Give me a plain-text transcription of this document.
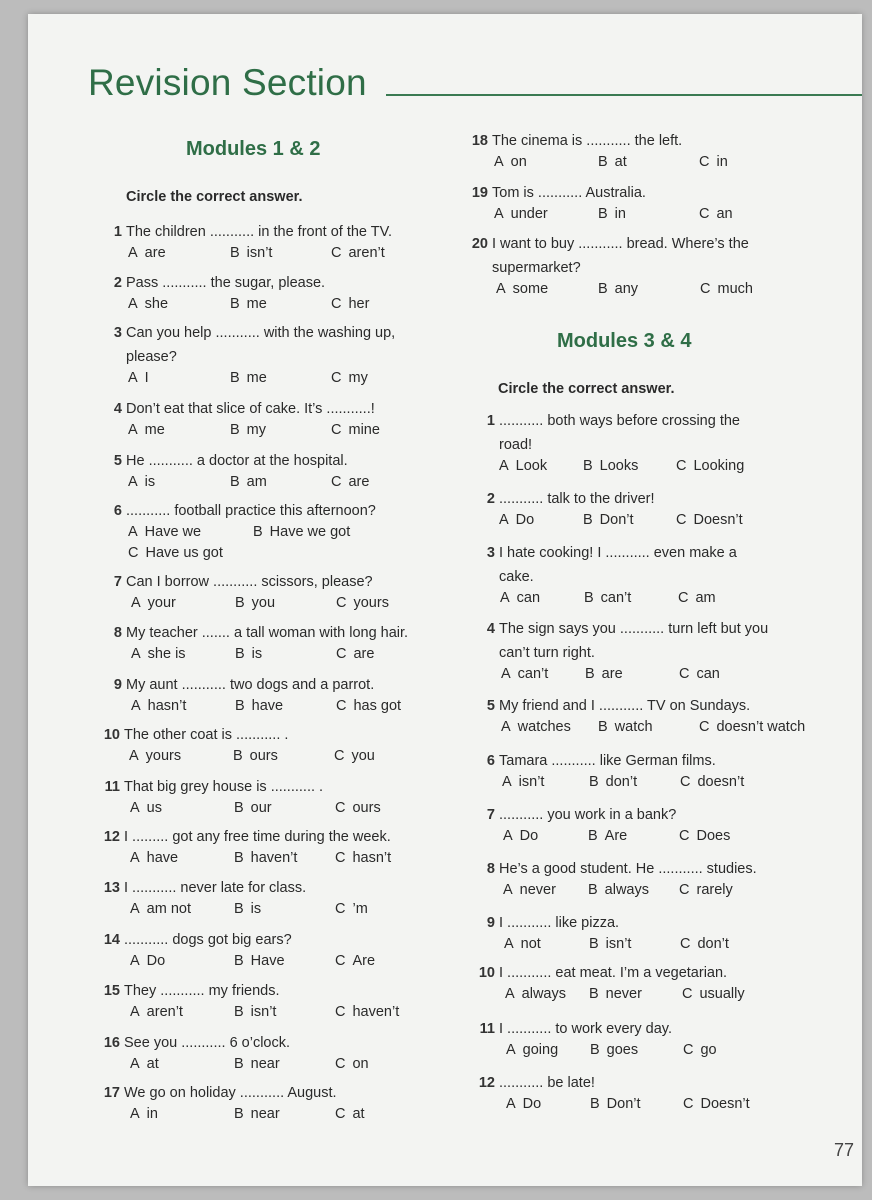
Revision Section
Modules 1 & 2

Circle the correct answer.

1 The children ........... in the front of the TV.
A are	B isn’t	C aren’t
2 Pass ........... the sugar, please.
A she	B me	C her
3 Can you help ........... with the washing up,
please?
A I	B me	C my
4 Don’t eat that slice of cake. It’s ...........!
A me	B my	C mine
5 He ........... a doctor at the hospital.
A is	B am	C are
6 ........... football practice this afternoon?
A Have we	B Have we got
C Have us got
7 Can I borrow ........... scissors, please?
A your	B you	C yours
8 My teacher ....... a tall woman with long hair.
A she is	B is	C are
9 My aunt ........... two dogs and a parrot.
A hasn’t	B have	C has got
10 The other coat is ........... .
A yours	B ours	C you
11 That big grey house is ........... .
A us	B our	C ours
12 I ......... got any free time during the week.
A have	B haven’t	C hasn’t
13 I ........... never late for class.
A am not	B is	C ’m
14 ........... dogs got big ears?
A Do	B Have	C Are
15 They ........... my friends.
A aren’t	B isn’t	C haven’t
16 See you ........... 6 o’clock.
A at	B near	C on
17 We go on holiday ........... August.
A in	B near	C at
18 The cinema is ........... the left.
A on	B at	C in
19 Tom is ........... Australia.
A under	B in	C an
20 I want to buy ........... bread. Where’s the
supermarket?
A some	B any	C much
Modules 3 & 4

Circle the correct answer.

1 ........... both ways before crossing the
road!
A Look B Looks	C Looking
2 ........... talk to the driver!
A Do	B Don’t	C Doesn’t
3 I hate cooking! I ........... even make a
cake.
A can	B can’t	C am
4 The sign says you ........... turn left but you
can’t turn right.
A can’t	B are	C can
5 My friend and I ........... TV on Sundays.
A watches B watch	C doesn’t watch
6 Tamara ........... like German films.
A isn’t	B don’t	C doesn’t
7 ........... you work in a bank?
A Do	B Are	C Does
8 He’s a good student. He ........... studies.
A never B always C rarely
9 I ........... like pizza.
A not	B isn’t	C don’t
10 I ........... eat meat. I’m a vegetarian.
A always B never	C usually
11 I ........... to work every day.
A going B goes	C go
12 ........... be late!
A Do	B Don’t	C Doesn’t
77
